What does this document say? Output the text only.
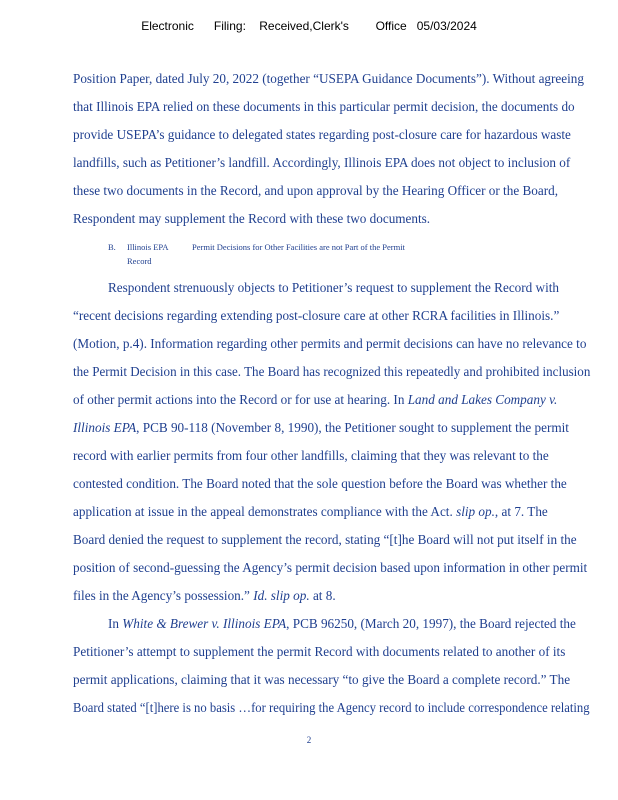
Electronic Filing: Received,Clerk's Office 05/03/2024
Position Paper, dated July 20, 2022 (together “USEPA Guidance Documents”). Without agreeing
that Illinois EPA relied on these documents in this particular permit decision, the documents do
provide USEPA’s guidance to delegated states regarding post-closure care for hazardous waste
landfills, such as Petitioner’s landfill. Accordingly, Illinois EPA does not object to inclusion of
these two documents in the Record, and upon approval by the Hearing Officer or the Board,
Respondent may supplement the Record with these two documents.
B. Illinois EPA
Record
Permit Decisions for Other Facilities are not Part of the Permit
Respondent strenuously objects to Petitioner’s request to supplement the Record with
“recent decisions regarding extending post-closure care at other RCRA facilities in Illinois.”
(Motion, p.4). Information regarding other permits and permit decisions can have no relevance to
the Permit Decision in this case. The Board has recognized this repeatedly and prohibited inclusion
of other permit actions into the Record or for use at hearing. In Land and Lakes Company v.
Illinois EPA, PCB 90-118 (November 8, 1990), the Petitioner sought to supplement the permit
record with earlier permits from four other landfills, claiming that they was relevant to the
contested condition. The Board noted that the sole question before the Board was whether the
application at issue in the appeal demonstrates compliance with the Act. slip op., at 7. The
Board denied the request to supplement the record, stating “[t]he Board will not put itself in the
position of second-guessing the Agency’s permit decision based upon information in other permit
files in the Agency’s possession.” Id. slip op. at 8.
In White & Brewer v. Illinois EPA, PCB 96250, (March 20, 1997), the Board rejected the
Petitioner’s attempt to supplement the permit Record with documents related to another of its
permit applications, claiming that it was necessary “to give the Board a complete record.” The
Board stated “[t]here is no basis …for requiring the Agency record to include correspondence relating
2
